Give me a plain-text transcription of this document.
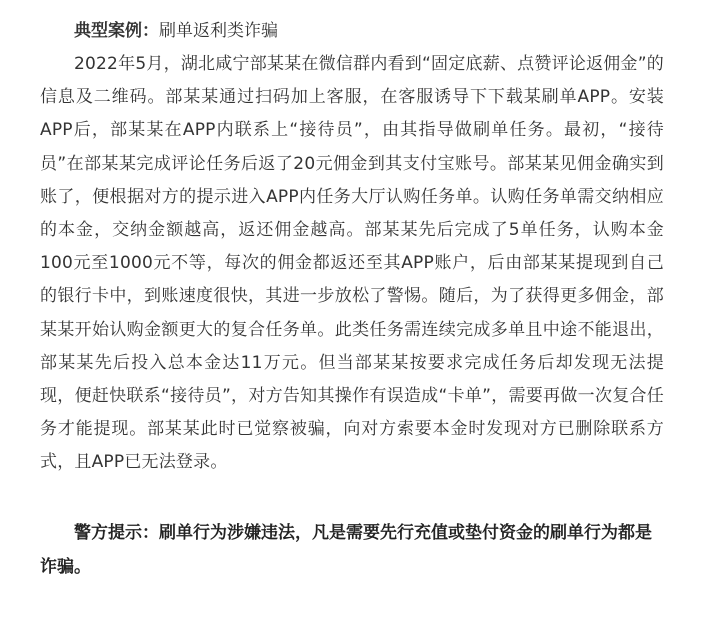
典型案例：刷单返利类诈骗

2022年5月，湖北咸宁部某某在微信群内看到“固定底薪、点赞评论返佣金”的信息及二维码。部某某通过扫码加上客服，在客服诱导下下载某刷单APP。安装APP后，部某某在APP内联系上“接待员”，由其指导做刷单任务。最初，“接待员”在部某某完成评论任务后返了20元佣金到其支付宝账号。部某某见佣金确实到账了，便根据对方的提示进入APP内任务大厅认购任务单。认购任务单需交纳相应的本金，交纳金额越高，返还佣金越高。部某某先后完成了5单任务，认购本金100元至1000元不等，每次的佣金都返还至其APP账户，后由部某某提现到自己的银行卡中，到账速度很快，其进一步放松了警惕。随后，为了获得更多佣金，部某某开始认购金额更大的复合任务单。此类任务需连续完成多单且中途不能退出，部某某先后投入总本金达11万元。但当部某某按要求完成任务后却发现无法提现，便赶快联系“接待员”，对方告知其操作有误造成“卡单”，需要再做一次复合任务才能提现。部某某此时已觉察被骗，向对方索要本金时发现对方已删除联系方式，且APP已无法登录。

警方提示：刷单行为涉嫌违法，凡是需要先行充值或垫付资金的刷单行为都是诈骗。
